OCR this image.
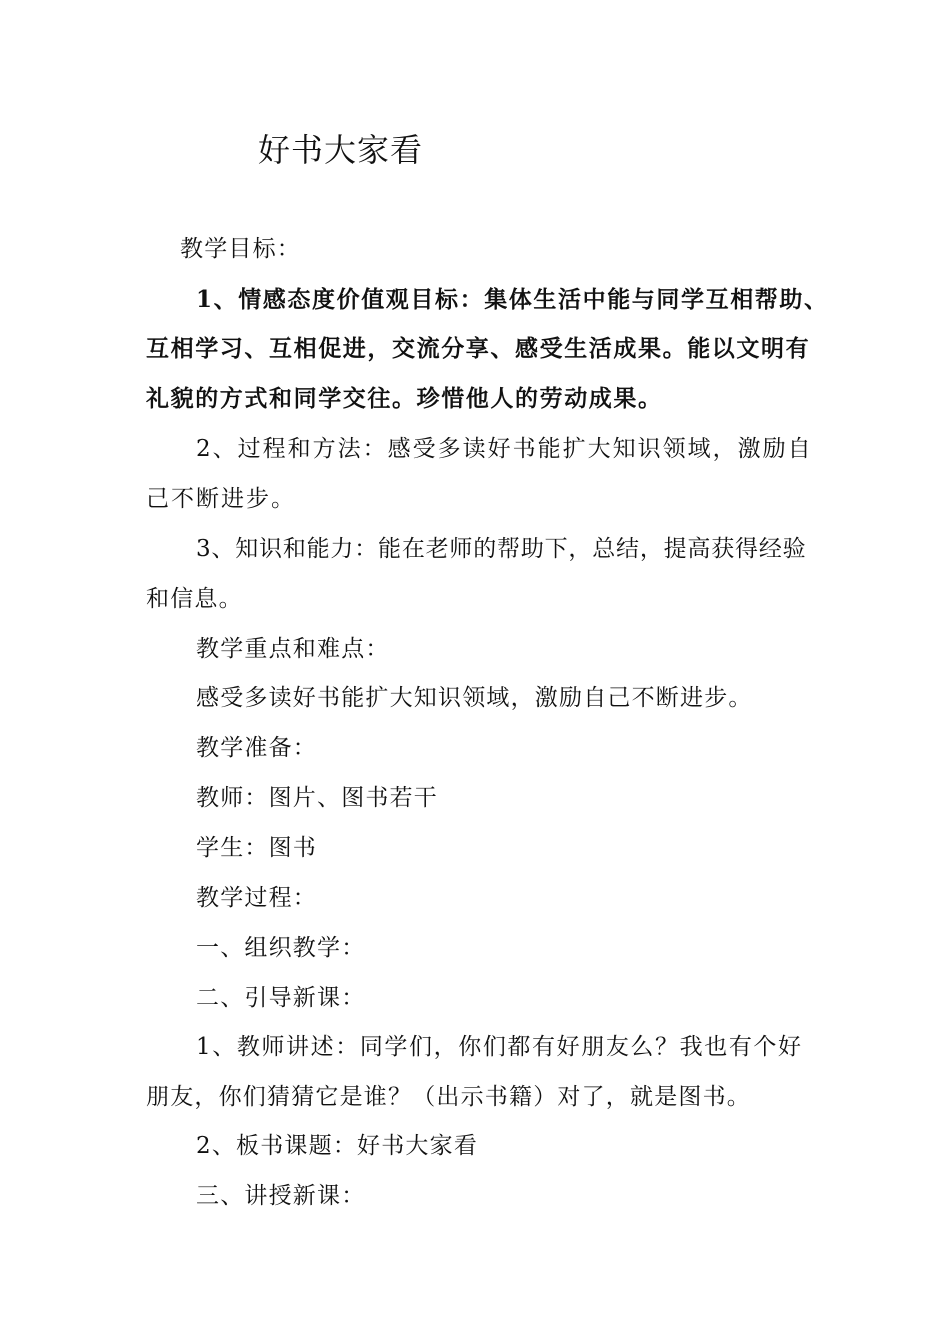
好书大家看
教学目标：
1、情感态度价值观目标：集体生活中能与同学互相帮助、
互相学习、互相促进，交流分享、感受生活成果。能以文明有
礼貌的方式和同学交往。珍惜他人的劳动成果。
2、过程和方法：感受多读好书能扩大知识领域，激励自
己不断进步。
3、知识和能力：能在老师的帮助下，总结，提高获得经验
和信息。
教学重点和难点：
感受多读好书能扩大知识领域，激励自己不断进步。
教学准备：
教师：图片、图书若干
学生：图书
教学过程：
一、组织教学：
二、引导新课：
1、教师讲述：同学们，你们都有好朋友么？我也有个好
朋友，你们猜猜它是谁？（出示书籍）对了，就是图书。
2、板书课题：好书大家看
三、讲授新课：
